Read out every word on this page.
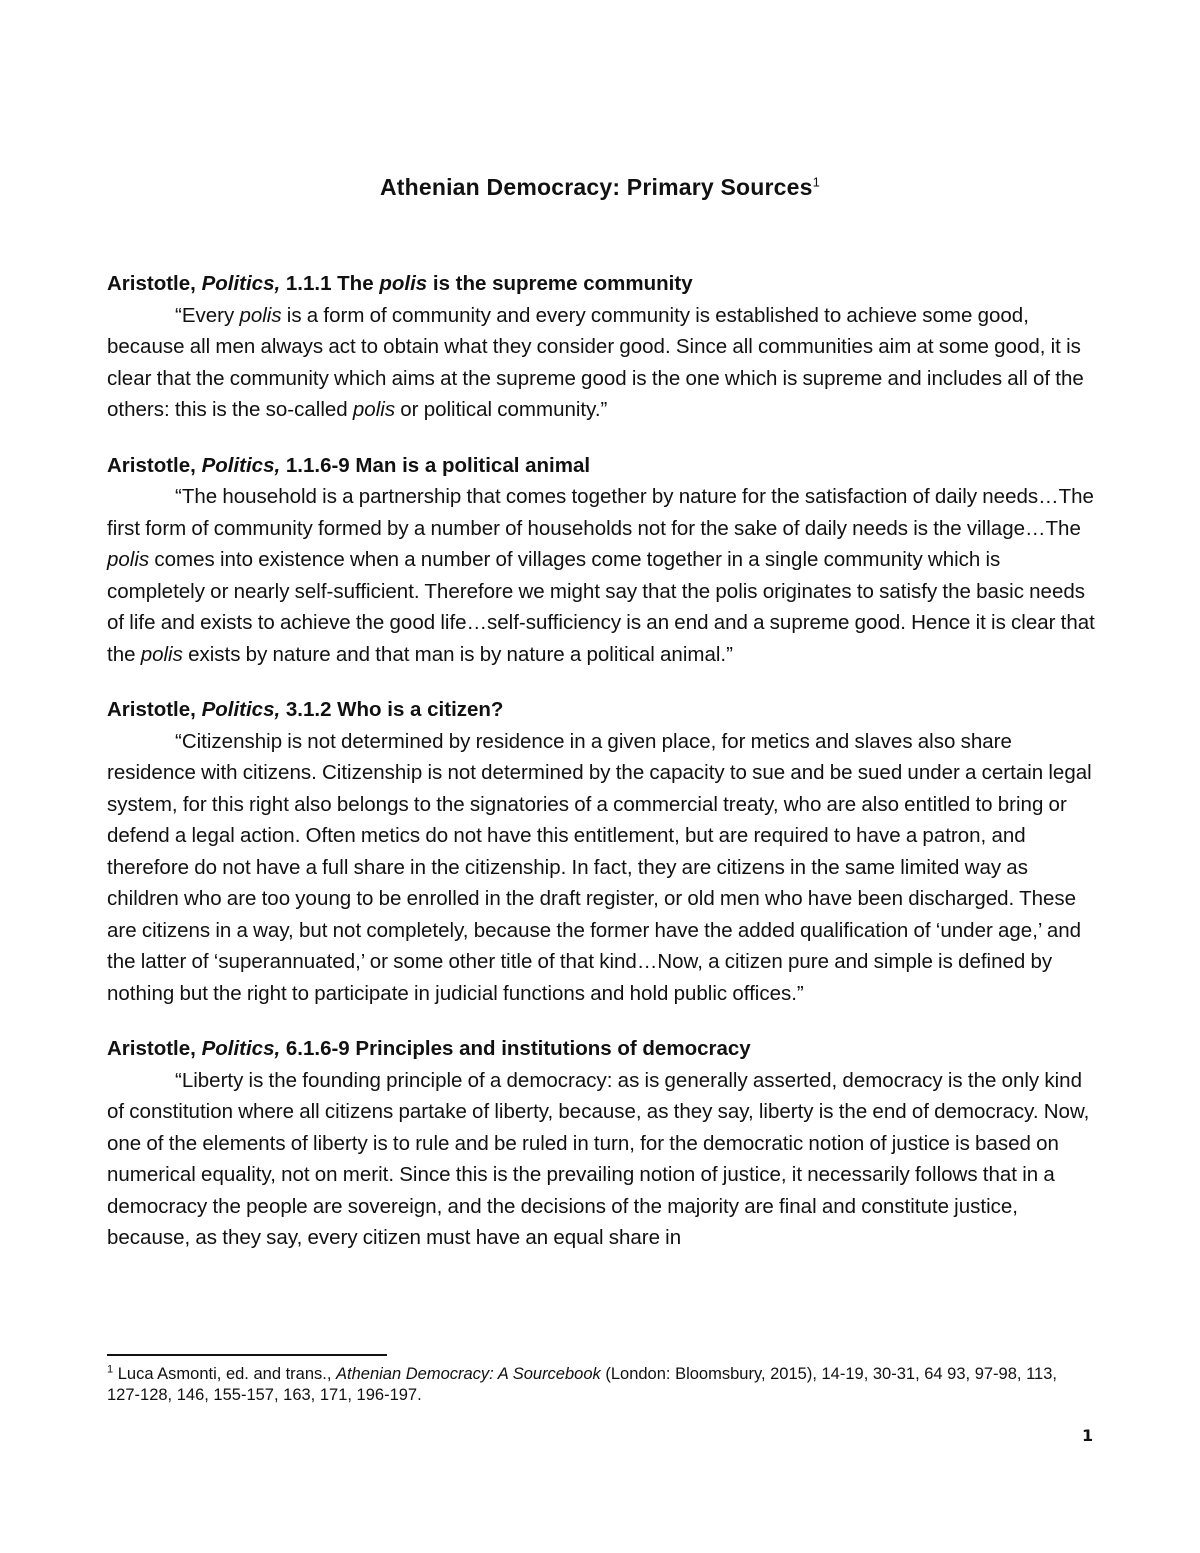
Athenian Democracy: Primary Sources$^1$
Aristotle, Politics, 1.1.1 The polis is the supreme community
“Every polis is a form of community and every community is established to achieve some good, because all men always act to obtain what they consider good. Since all communities aim at some good, it is clear that the community which aims at the supreme good is the one which is supreme and includes all of the others: this is the so-called polis or political community.”
Aristotle, Politics, 1.1.6-9 Man is a political animal
“The household is a partnership that comes together by nature for the satisfaction of daily needs…The first form of community formed by a number of households not for the sake of daily needs is the village…The polis comes into existence when a number of villages come together in a single community which is completely or nearly self-sufficient. Therefore we might say that the polis originates to satisfy the basic needs of life and exists to achieve the good life…self-sufficiency is an end and a supreme good. Hence it is clear that the polis exists by nature and that man is by nature a political animal.”
Aristotle, Politics, 3.1.2 Who is a citizen?
“Citizenship is not determined by residence in a given place, for metics and slaves also share residence with citizens. Citizenship is not determined by the capacity to sue and be sued under a certain legal system, for this right also belongs to the signatories of a commercial treaty, who are also entitled to bring or defend a legal action. Often metics do not have this entitlement, but are required to have a patron, and therefore do not have a full share in the citizenship. In fact, they are citizens in the same limited way as children who are too young to be enrolled in the draft register, or old men who have been discharged. These are citizens in a way, but not completely, because the former have the added qualification of ‘under age,’ and the latter of ‘superannuated,’ or some other title of that kind…Now, a citizen pure and simple is defined by nothing but the right to participate in judicial functions and hold public offices.”
Aristotle, Politics, 6.1.6-9 Principles and institutions of democracy
“Liberty is the founding principle of a democracy: as is generally asserted, democracy is the only kind of constitution where all citizens partake of liberty, because, as they say, liberty is the end of democracy. Now, one of the elements of liberty is to rule and be ruled in turn, for the democratic notion of justice is based on numerical equality, not on merit. Since this is the prevailing notion of justice, it necessarily follows that in a democracy the people are sovereign, and the decisions of the majority are final and constitute justice, because, as they say, every citizen must have an equal share in
$^1$ Luca Asmonti, ed. and trans., Athenian Democracy: A Sourcebook (London: Bloomsbury, 2015), 14-19, 30-31, 64 93, 97-98, 113, 127-128, 146, 155-157, 163, 171, 196-197.
1
